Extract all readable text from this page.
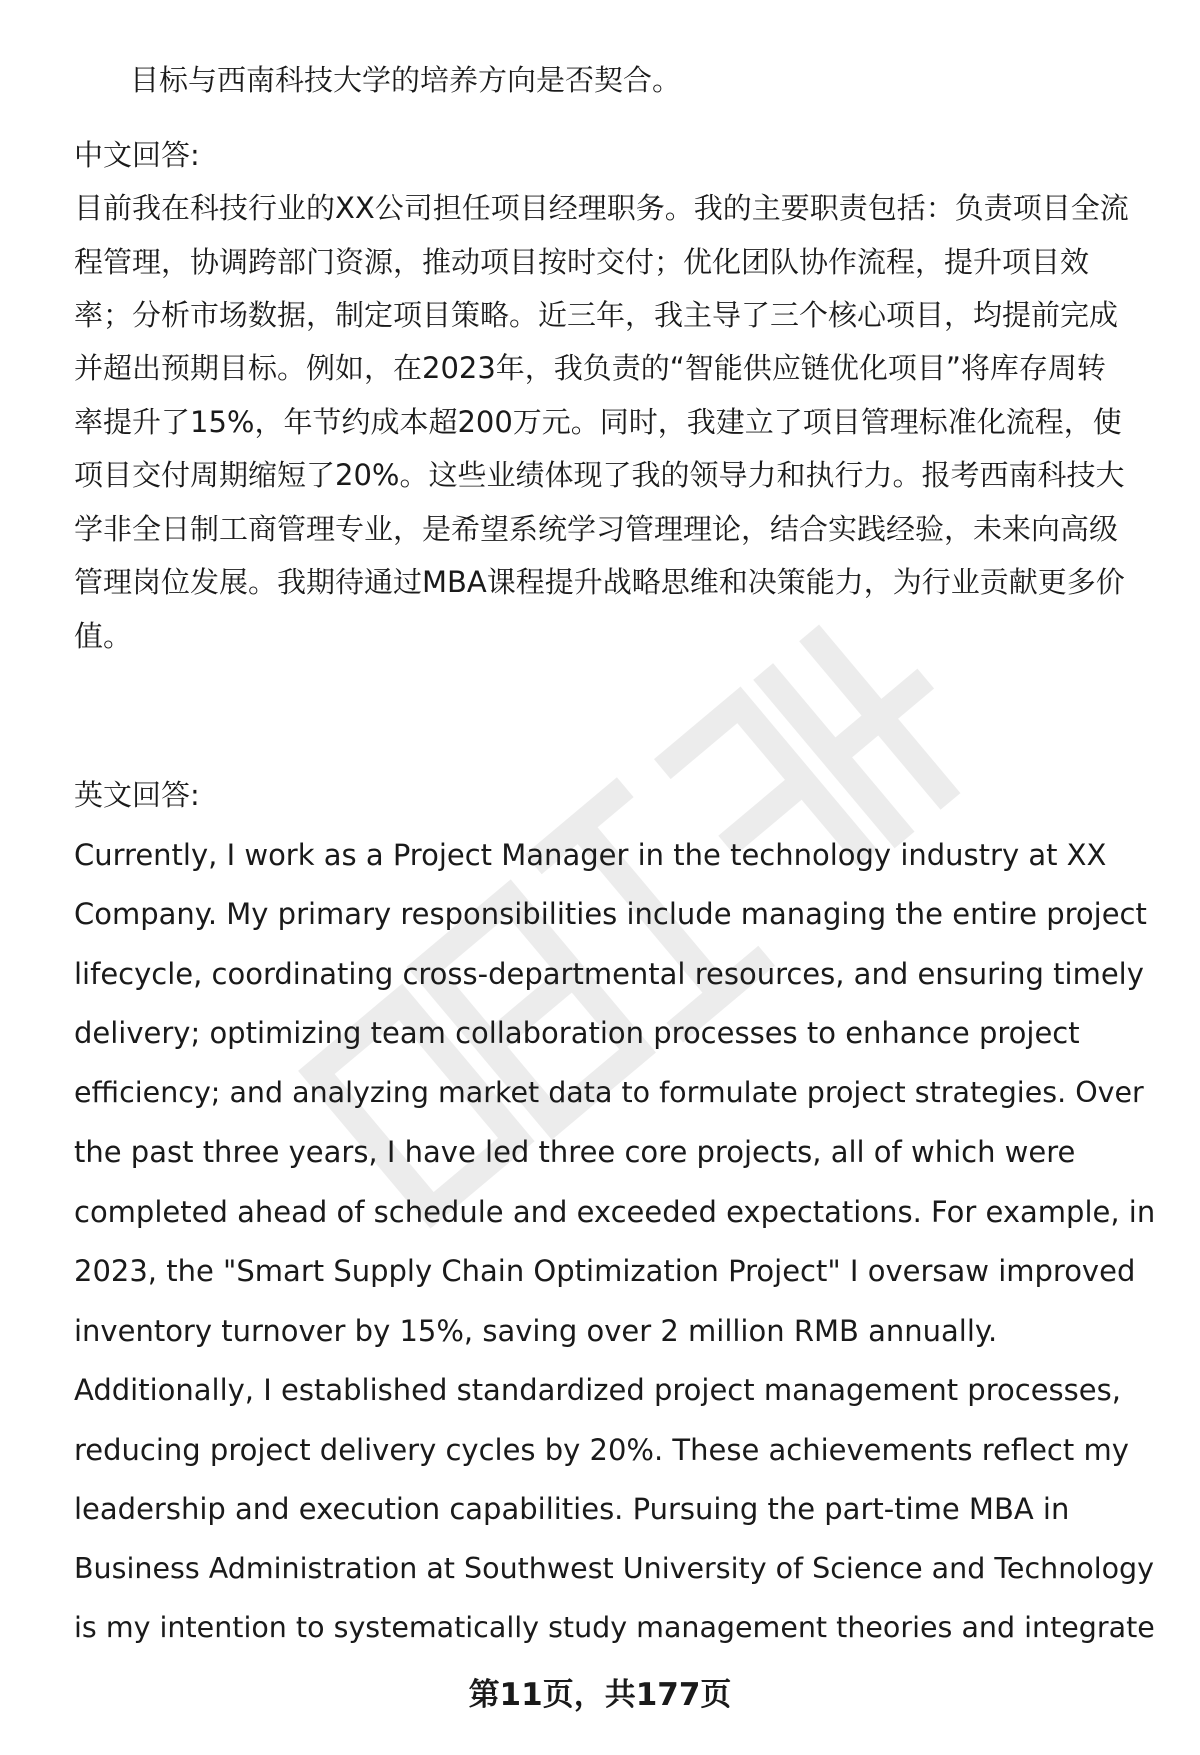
目标与西南科技大学的培养方向是否契合。
中文回答:
目前我在科技行业的XX公司担任项目经理职务。我的主要职责包括：负责项目全流
程管理，协调跨部门资源，推动项目按时交付；优化团队协作流程，提升项目效
率；分析市场数据，制定项目策略。近三年，我主导了三个核心项目，均提前完成
并超出预期目标。例如，在2023年，我负责的“智能供应链优化项目”将库存周转
率提升了15%，年节约成本超200万元。同时，我建立了项目管理标准化流程，使
项目交付周期缩短了20%。这些业绩体现了我的领导力和执行力。报考西南科技大
学非全日制工商管理专业，是希望系统学习管理理论，结合实践经验，未来向高级
管理岗位发展。我期待通过MBA课程提升战略思维和决策能力，为行业贡献更多价
值。
英文回答:
Currently, I work as a Project Manager in the technology industry at XX
Company. My primary responsibilities include managing the entire project
lifecycle, coordinating cross-departmental resources, and ensuring timely
delivery; optimizing team collaboration processes to enhance project
efficiency; and analyzing market data to formulate project strategies. Over
the past three years, I have led three core projects, all of which were
completed ahead of schedule and exceeded expectations. For example, in
2023, the "Smart Supply Chain Optimization Project" I oversaw improved
inventory turnover by 15%, saving over 2 million RMB annually.
Additionally, I established standardized project management processes,
reducing project delivery cycles by 20%. These achievements reflect my
leadership and execution capabilities. Pursuing the part-time MBA in
Business Administration at Southwest University of Science and Technology
is my intention to systematically study management theories and integrate
第11页，共177页
